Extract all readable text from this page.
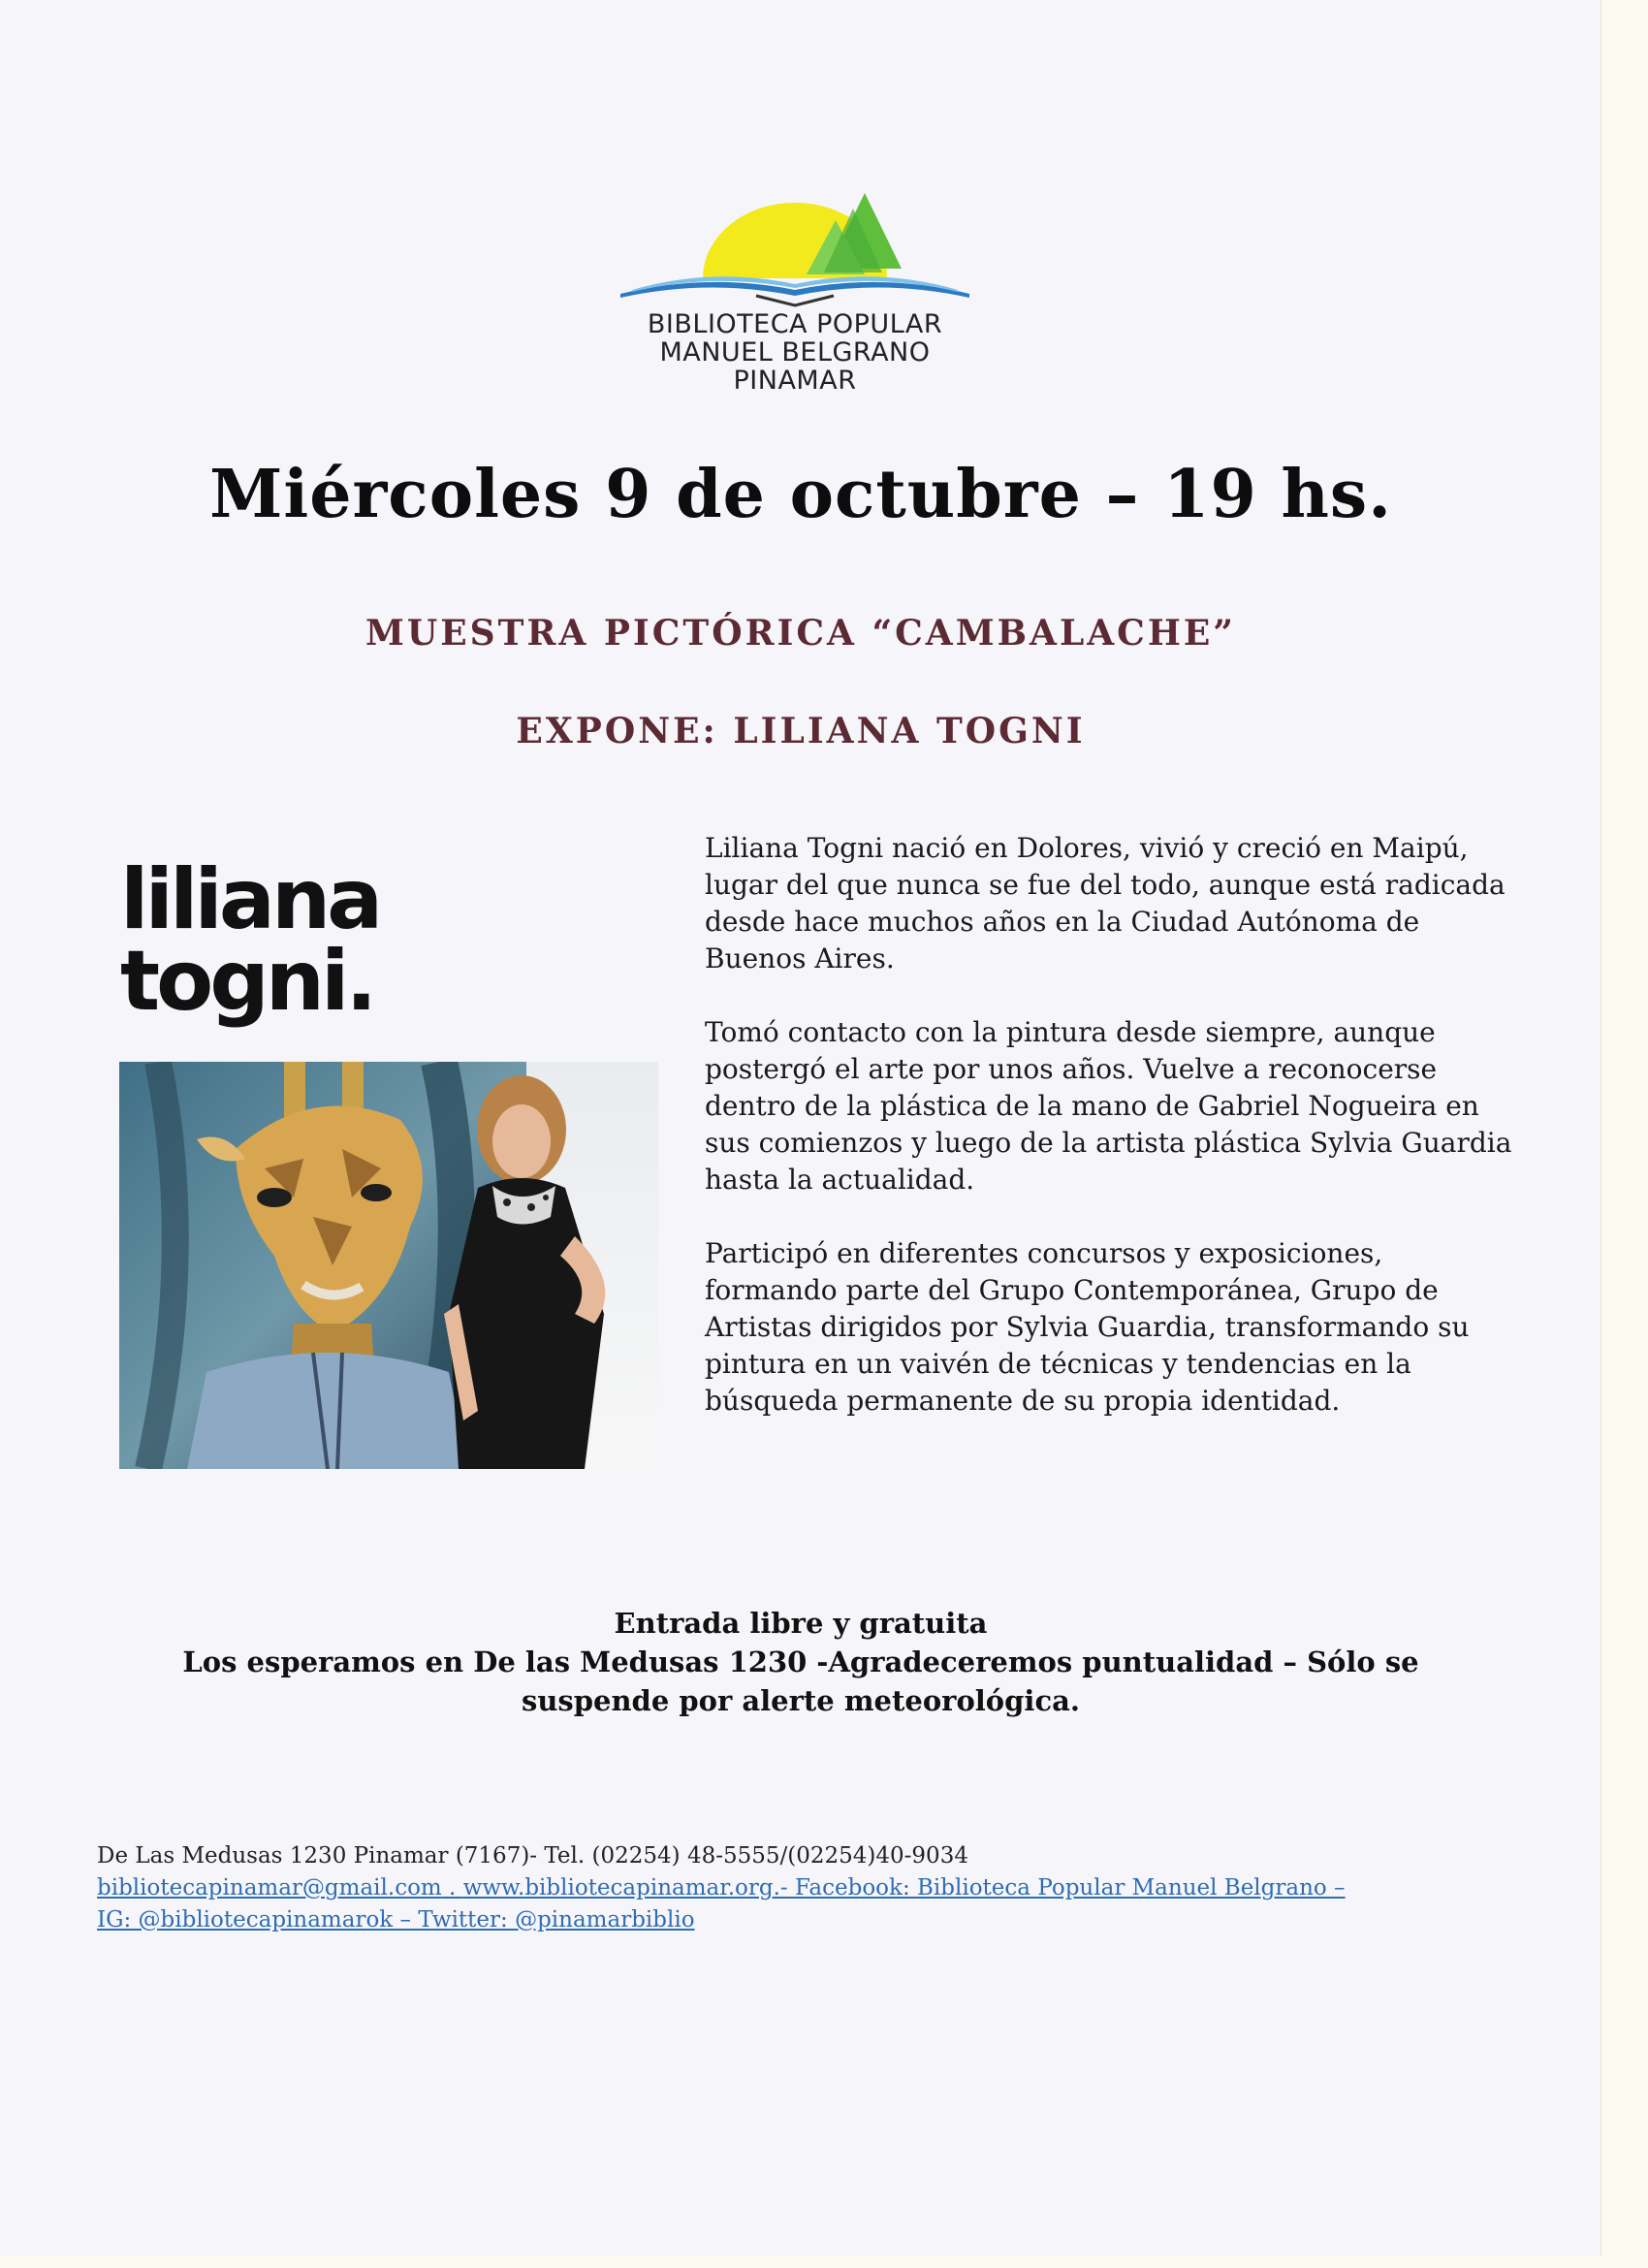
BIBLIOTECA POPULAR
MANUEL BELGRANO
PINAMAR
Miércoles 9 de octubre – 19 hs.
MUESTRA PICTÓRICA “CAMBALACHE”
EXPONE: LILIANA TOGNI
liliana
togni.

Liliana Togni nació en Dolores, vivió y creció en Maipú, lugar del que nunca se fue del todo, aunque está radicada desde hace muchos años en la Ciudad Autónoma de Buenos Aires.

Tomó contacto con la pintura desde siempre, aunque postergó el arte por unos años. Vuelve a reconocerse dentro de la plástica de la mano de Gabriel Nogueira en sus comienzos y luego de la artista plástica Sylvia Guardia hasta la actualidad.

Participó en diferentes concursos y exposiciones, formando parte del Grupo Contemporánea, Grupo de Artistas dirigidos por Sylvia Guardia, transformando su pintura en un vaivén de técnicas y tendencias en la búsqueda permanente de su propia identidad.

Entrada libre y gratuita
Los esperamos en De las Medusas 1230 -Agradeceremos puntualidad – Sólo se
suspende por alerte meteorológica.
De Las Medusas 1230 Pinamar (7167)- Tel. (02254) 48-5555/(02254)40-9034
bibliotecapinamar@gmail.com . www.bibliotecapinamar.org.- Facebook: Biblioteca Popular Manuel Belgrano –
IG: @bibliotecapinamarok – Twitter: @pinamarbiblio
